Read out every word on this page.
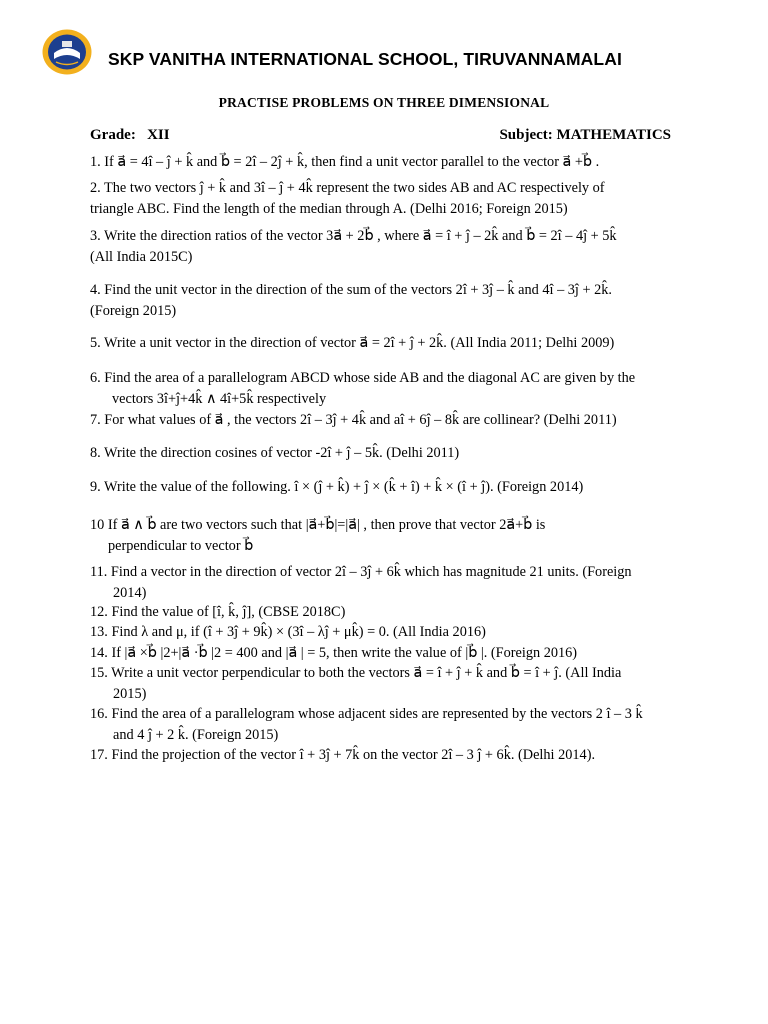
SKP VANITHA INTERNATIONAL SCHOOL, TIRUVANNAMALAI
PRACTISE PROBLEMS ON THREE DIMENSIONAL
Grade: XII	Subject: MATHEMATICS
1. If a⃗ = 4î – ĵ + k̂ and b⃗ = 2î – 2ĵ + k̂, then find a unit vector parallel to the vector a⃗ +b⃗ .
2. The two vectors ĵ + k̂ and 3î – ĵ + 4k̂ represent the two sides AB and AC respectively of
triangle ABC. Find the length of the median through A. (Delhi 2016; Foreign 2015)
3. Write the direction ratios of the vector 3a⃗ + 2b⃗ , where a⃗ = î + ĵ – 2k̂ and b⃗ = 2î – 4ĵ + 5k̂
(All India 2015C)
4. Find the unit vector in the direction of the sum of the vectors 2î + 3ĵ – k̂ and 4î – 3ĵ + 2k̂.
(Foreign 2015)
5. Write a unit vector in the direction of vector a⃗ = 2î + ĵ + 2k̂. (All India 2011; Delhi 2009)
6. Find the area of a parallelogram ABCD whose side AB and the diagonal AC are given by the
vectors 3î+ĵ+4k̂ ∧ 4î+5k̂ respectively
7. For what values of a⃗ , the vectors 2î – 3ĵ + 4k̂ and aî + 6ĵ – 8k̂ are collinear? (Delhi 2011)
8. Write the direction cosines of vector -2î + ĵ – 5k̂. (Delhi 2011)
9. Write the value of the following. î × (ĵ + k̂) + ĵ × (k̂ + î) + k̂ × (î + ĵ). (Foreign 2014)
10 If a⃗ ∧ b⃗ are two vectors such that |a⃗+b⃗|=|a⃗| , then prove that vector 2a⃗+b⃗ is
perpendicular to vector b⃗
11. Find a vector in the direction of vector 2î – 3ĵ + 6k̂ which has magnitude 21 units. (Foreign
2014)
12. Find the value of [î, k̂, ĵ], (CBSE 2018C)
13. Find λ and μ, if (î + 3ĵ + 9k̂) × (3î – λĵ + μk̂) = 0. (All India 2016)
14. If |a⃗ ×b⃗ |2+|a⃗ ·b⃗ |2 = 400 and |a⃗ | = 5, then write the value of |b⃗ |. (Foreign 2016)
15. Write a unit vector perpendicular to both the vectors a⃗ = î + ĵ + k̂ and b⃗ = î + ĵ. (All India
2015)
16. Find the area of a parallelogram whose adjacent sides are represented by the vectors 2 î – 3 k̂
and 4 ĵ + 2 k̂. (Foreign 2015)
17. Find the projection of the vector î + 3ĵ + 7k̂ on the vector 2î – 3 ĵ + 6k̂. (Delhi 2014).
